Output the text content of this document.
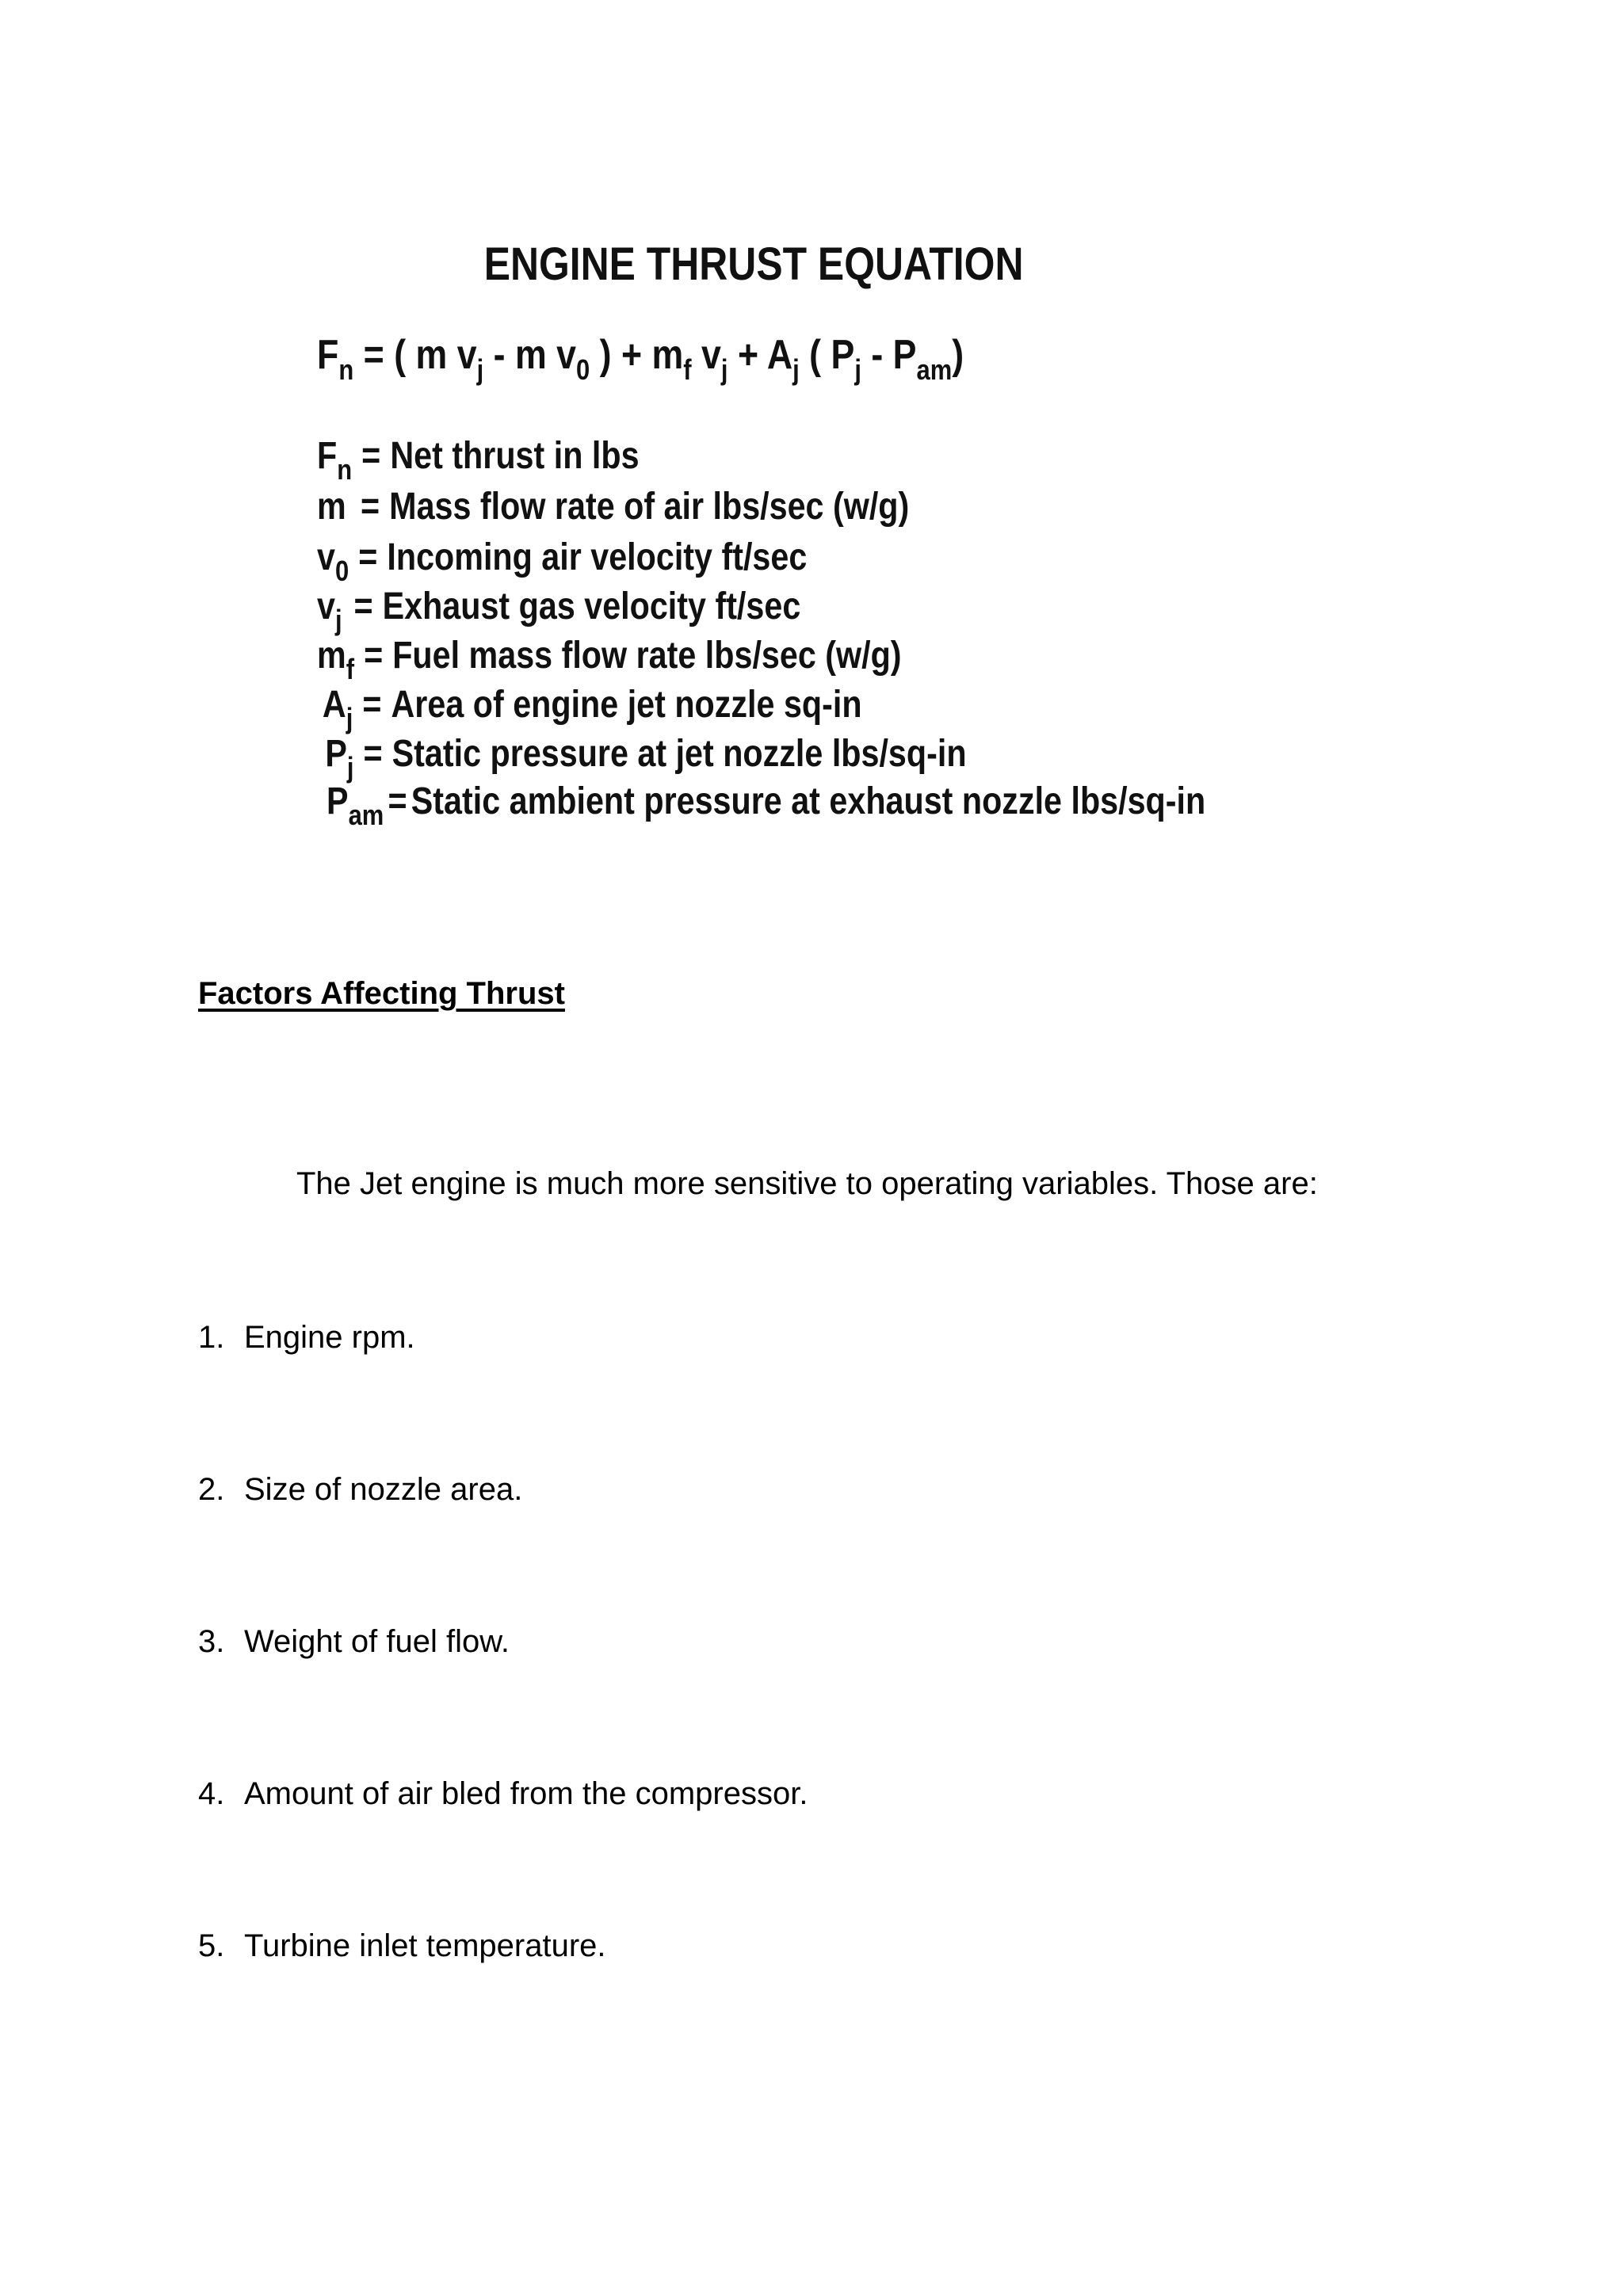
ENGINE THRUST EQUATION
$F_n$ = ( m $v_j$ - m $v_0$ ) + $m_f$ $v_j + A_j$ ( $P_j - P_{am}$)
$F_n$ = Net thrust in lbs
m = Mass flow rate of air lbs/sec (w/g)
$v_0$ = Incoming air velocity ft/sec
$v_j$ = Exhaust gas velocity ft/sec
$m_f$ = Fuel mass flow rate lbs/sec (w/g)
$A_j$ = Area of engine jet nozzle sq-in
$P_j$ = Static pressure at jet nozzle lbs/sq-in
$P_{am}$ = Static ambient pressure at exhaust nozzle lbs/sq-in
Factors Affecting Thrust
The Jet engine is much more sensitive to operating variables. Those are:
1. Engine rpm.
2. Size of nozzle area.
3. Weight of fuel flow.
4. Amount of air bled from the compressor.
5. Turbine inlet temperature.
